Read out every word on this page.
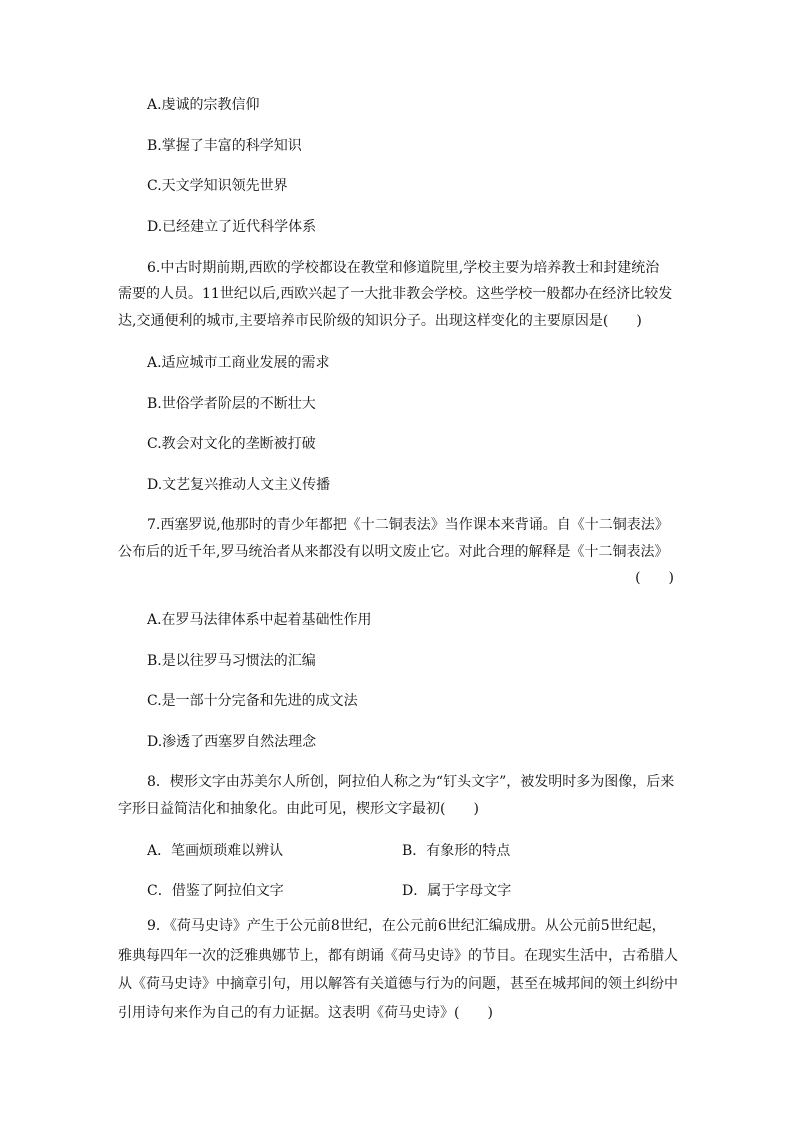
A.虔诚的宗教信仰
B.掌握了丰富的科学知识
C.天文学知识领先世界
D.已经建立了近代科学体系
6.中古时期前期,西欧的学校都设在教堂和修道院里,学校主要为培养教士和封建统治
需要的人员。11世纪以后,西欧兴起了一大批非教会学校。这些学校一般都办在经济比较发
达,交通便利的城市,主要培养市民阶级的知识分子。出现这样变化的主要原因是(　　)
A.适应城市工商业发展的需求
B.世俗学者阶层的不断壮大
C.教会对文化的垄断被打破
D.文艺复兴推动人文主义传播
7.西塞罗说,他那时的青少年都把《十二铜表法》当作课本来背诵。自《十二铜表法》
公布后的近千年,罗马统治者从来都没有以明文废止它。对此合理的解释是《十二铜表法》
(　　)
A.在罗马法律体系中起着基础性作用
B.是以往罗马习惯法的汇编
C.是一部十分完备和先进的成文法
D.渗透了西塞罗自然法理念
8．楔形文字由苏美尔人所创，阿拉伯人称之为“钉头文字”，被发明时多为图像，后来
字形日益简洁化和抽象化。由此可见，楔形文字最初(　　)
A．笔画烦琐难以辨认	B．有象形的特点
C．借鉴了阿拉伯文字	D．属于字母文字
9．《荷马史诗》产生于公元前8世纪，在公元前6世纪汇编成册。从公元前5世纪起，
雅典每四年一次的泛雅典娜节上，都有朗诵《荷马史诗》的节目。在现实生活中，古希腊人
从《荷马史诗》中摘章引句，用以解答有关道德与行为的问题，甚至在城邦间的领土纠纷中
引用诗句来作为自己的有力证据。这表明《荷马史诗》(　　)
